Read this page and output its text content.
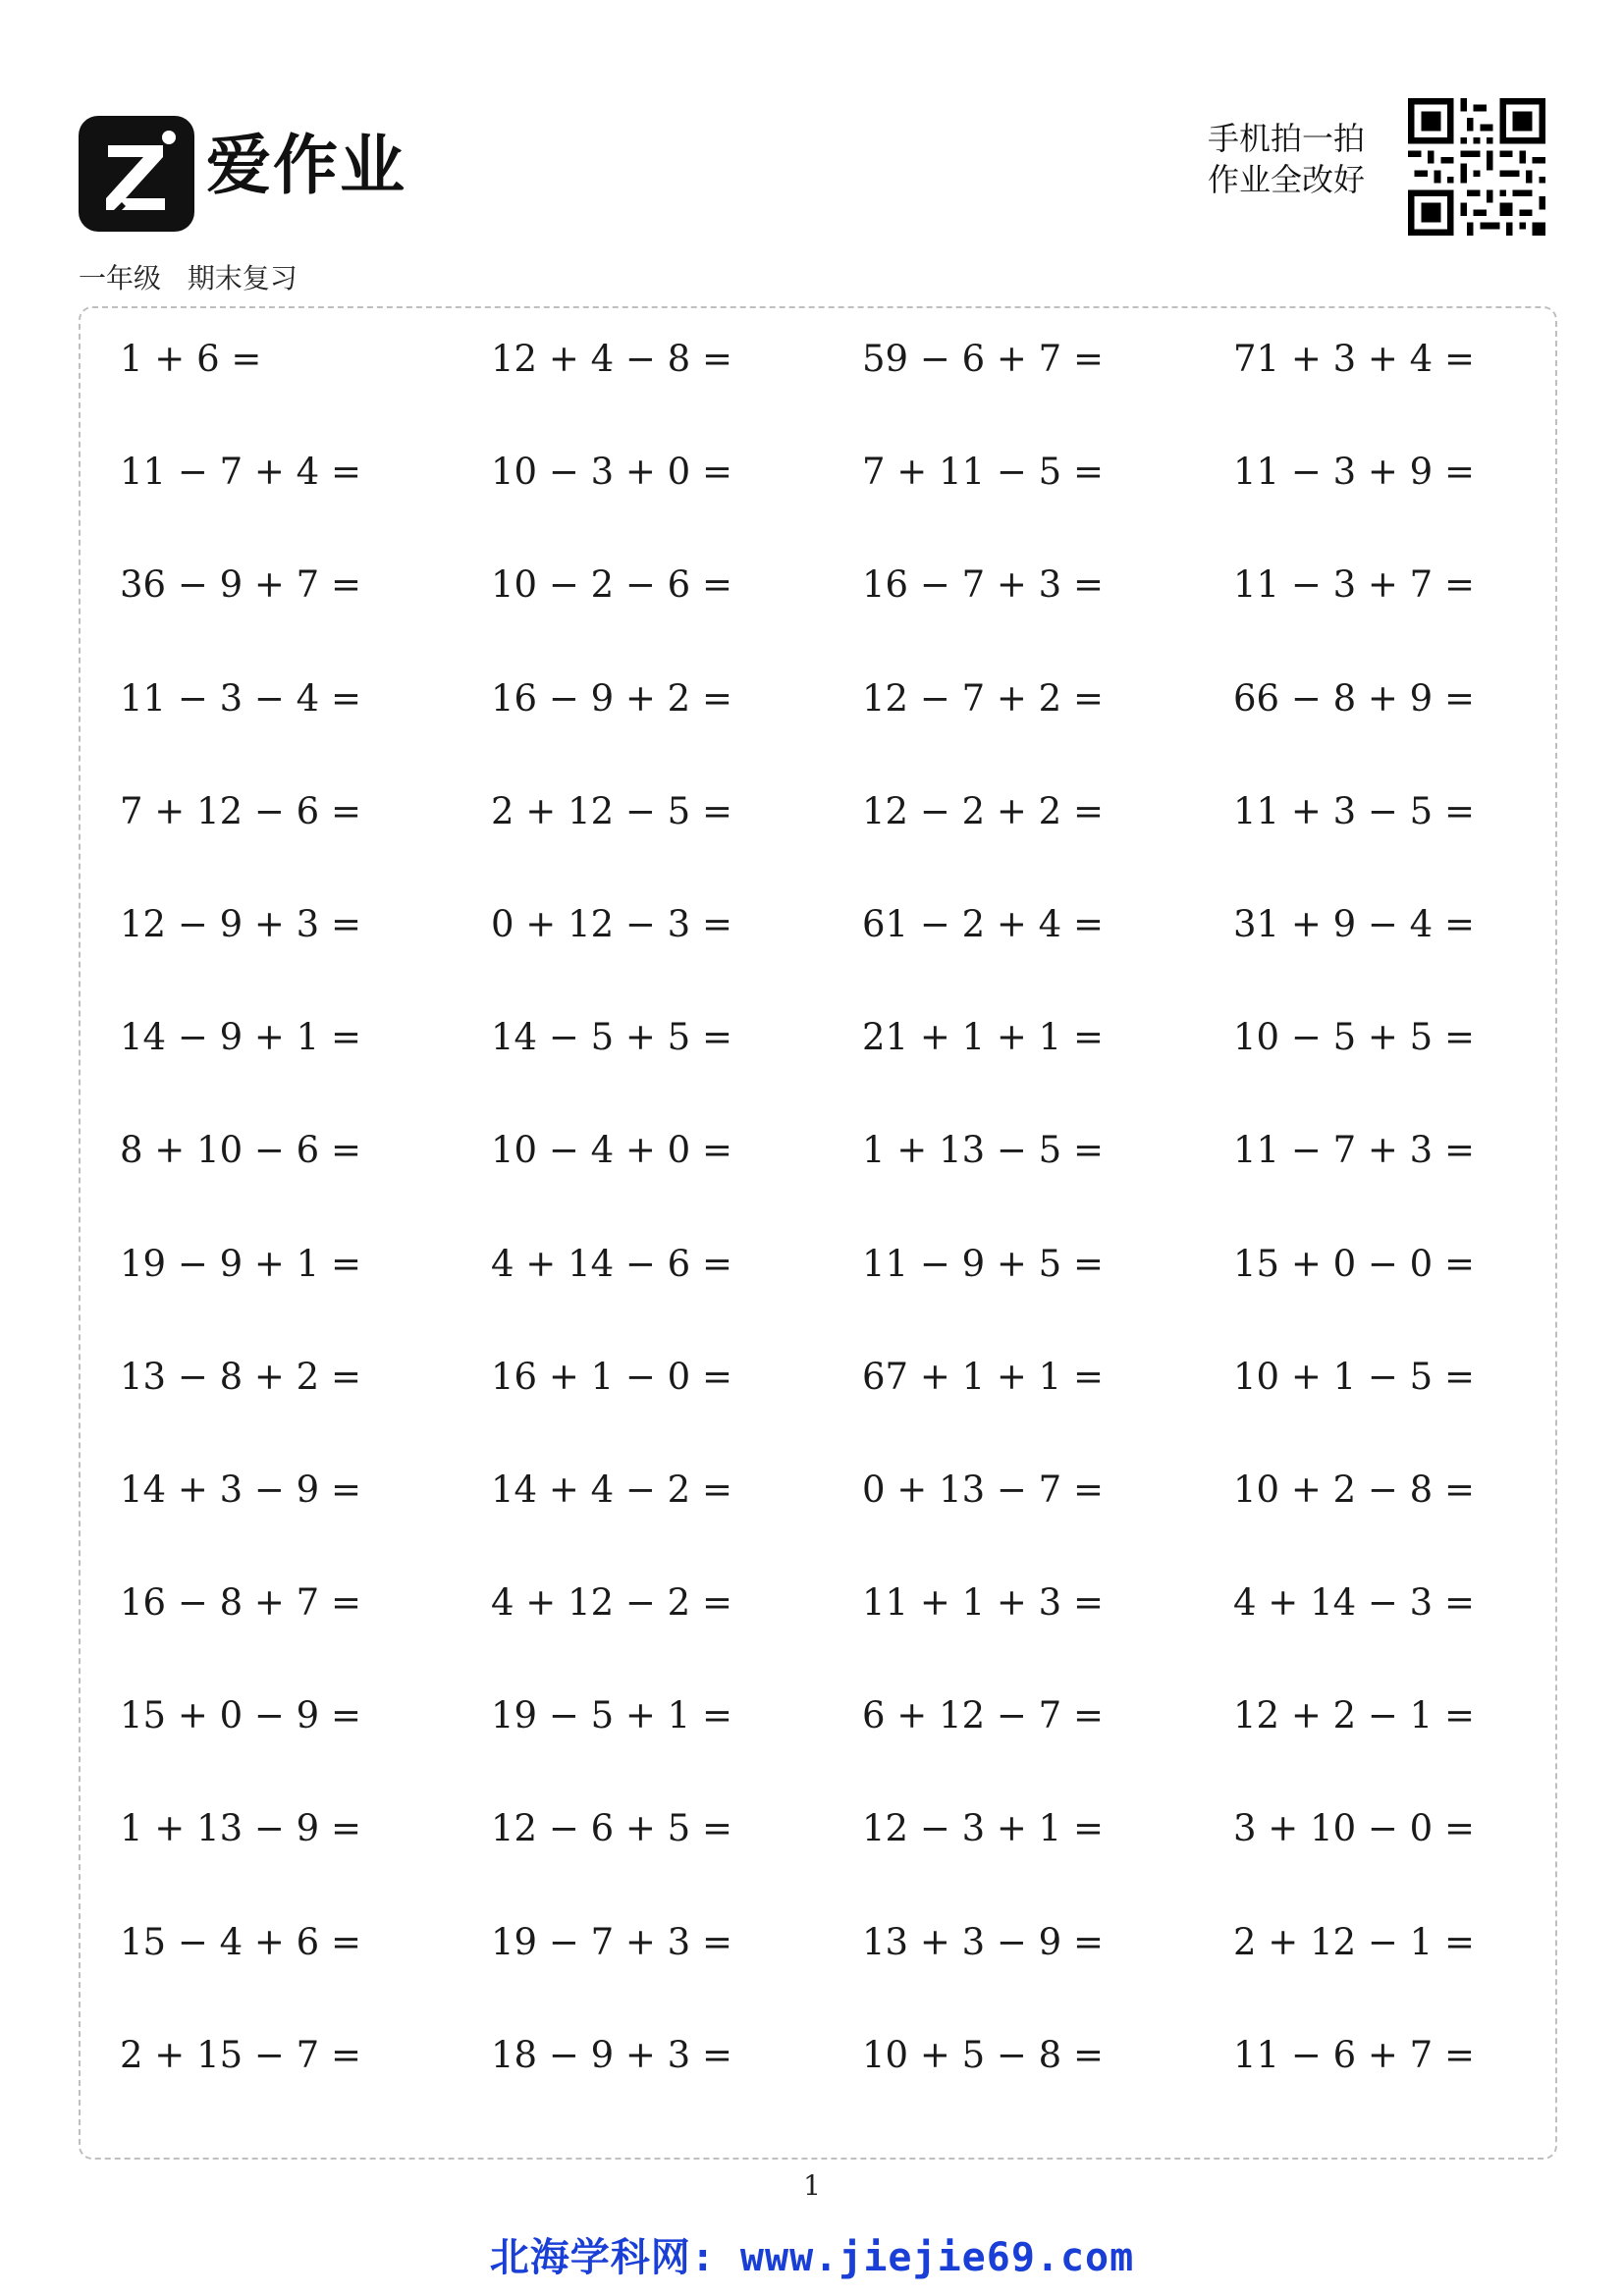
爱作业	手机拍一拍
作业全改好
一年级   期末复习
1 + 6 =	12 + 4 − 8 =	59 − 6 + 7 =	71 + 3 + 4 =
11 − 7 + 4 =	10 − 3 + 0 =	7 + 11 − 5 =	11 − 3 + 9 =
36 − 9 + 7 =	10 − 2 − 6 =	16 − 7 + 3 =	11 − 3 + 7 =
11 − 3 − 4 =	16 − 9 + 2 =	12 − 7 + 2 =	66 − 8 + 9 =
7 + 12 − 6 =	2 + 12 − 5 =	12 − 2 + 2 =	11 + 3 − 5 =
12 − 9 + 3 =	0 + 12 − 3 =	61 − 2 + 4 =	31 + 9 − 4 =
14 − 9 + 1 =	14 − 5 + 5 =	21 + 1 + 1 =	10 − 5 + 5 =
8 + 10 − 6 =	10 − 4 + 0 =	1 + 13 − 5 =	11 − 7 + 3 =
19 − 9 + 1 =	4 + 14 − 6 =	11 − 9 + 5 =	15 + 0 − 0 =
13 − 8 + 2 =	16 + 1 − 0 =	67 + 1 + 1 =	10 + 1 − 5 =
14 + 3 − 9 =	14 + 4 − 2 =	0 + 13 − 7 =	10 + 2 − 8 =
16 − 8 + 7 =	4 + 12 − 2 =	11 + 1 + 3 =	4 + 14 − 3 =
15 + 0 − 9 =	19 − 5 + 1 =	6 + 12 − 7 =	12 + 2 − 1 =
1 + 13 − 9 =	12 − 6 + 5 =	12 − 3 + 1 =	3 + 10 − 0 =
15 − 4 + 6 =	19 − 7 + 3 =	13 + 3 − 9 =	2 + 12 − 1 =
2 + 15 − 7 =	18 − 9 + 3 =	10 + 5 − 8 =	11 − 6 + 7 =
1
北海学科网: www.jiejie69.com
